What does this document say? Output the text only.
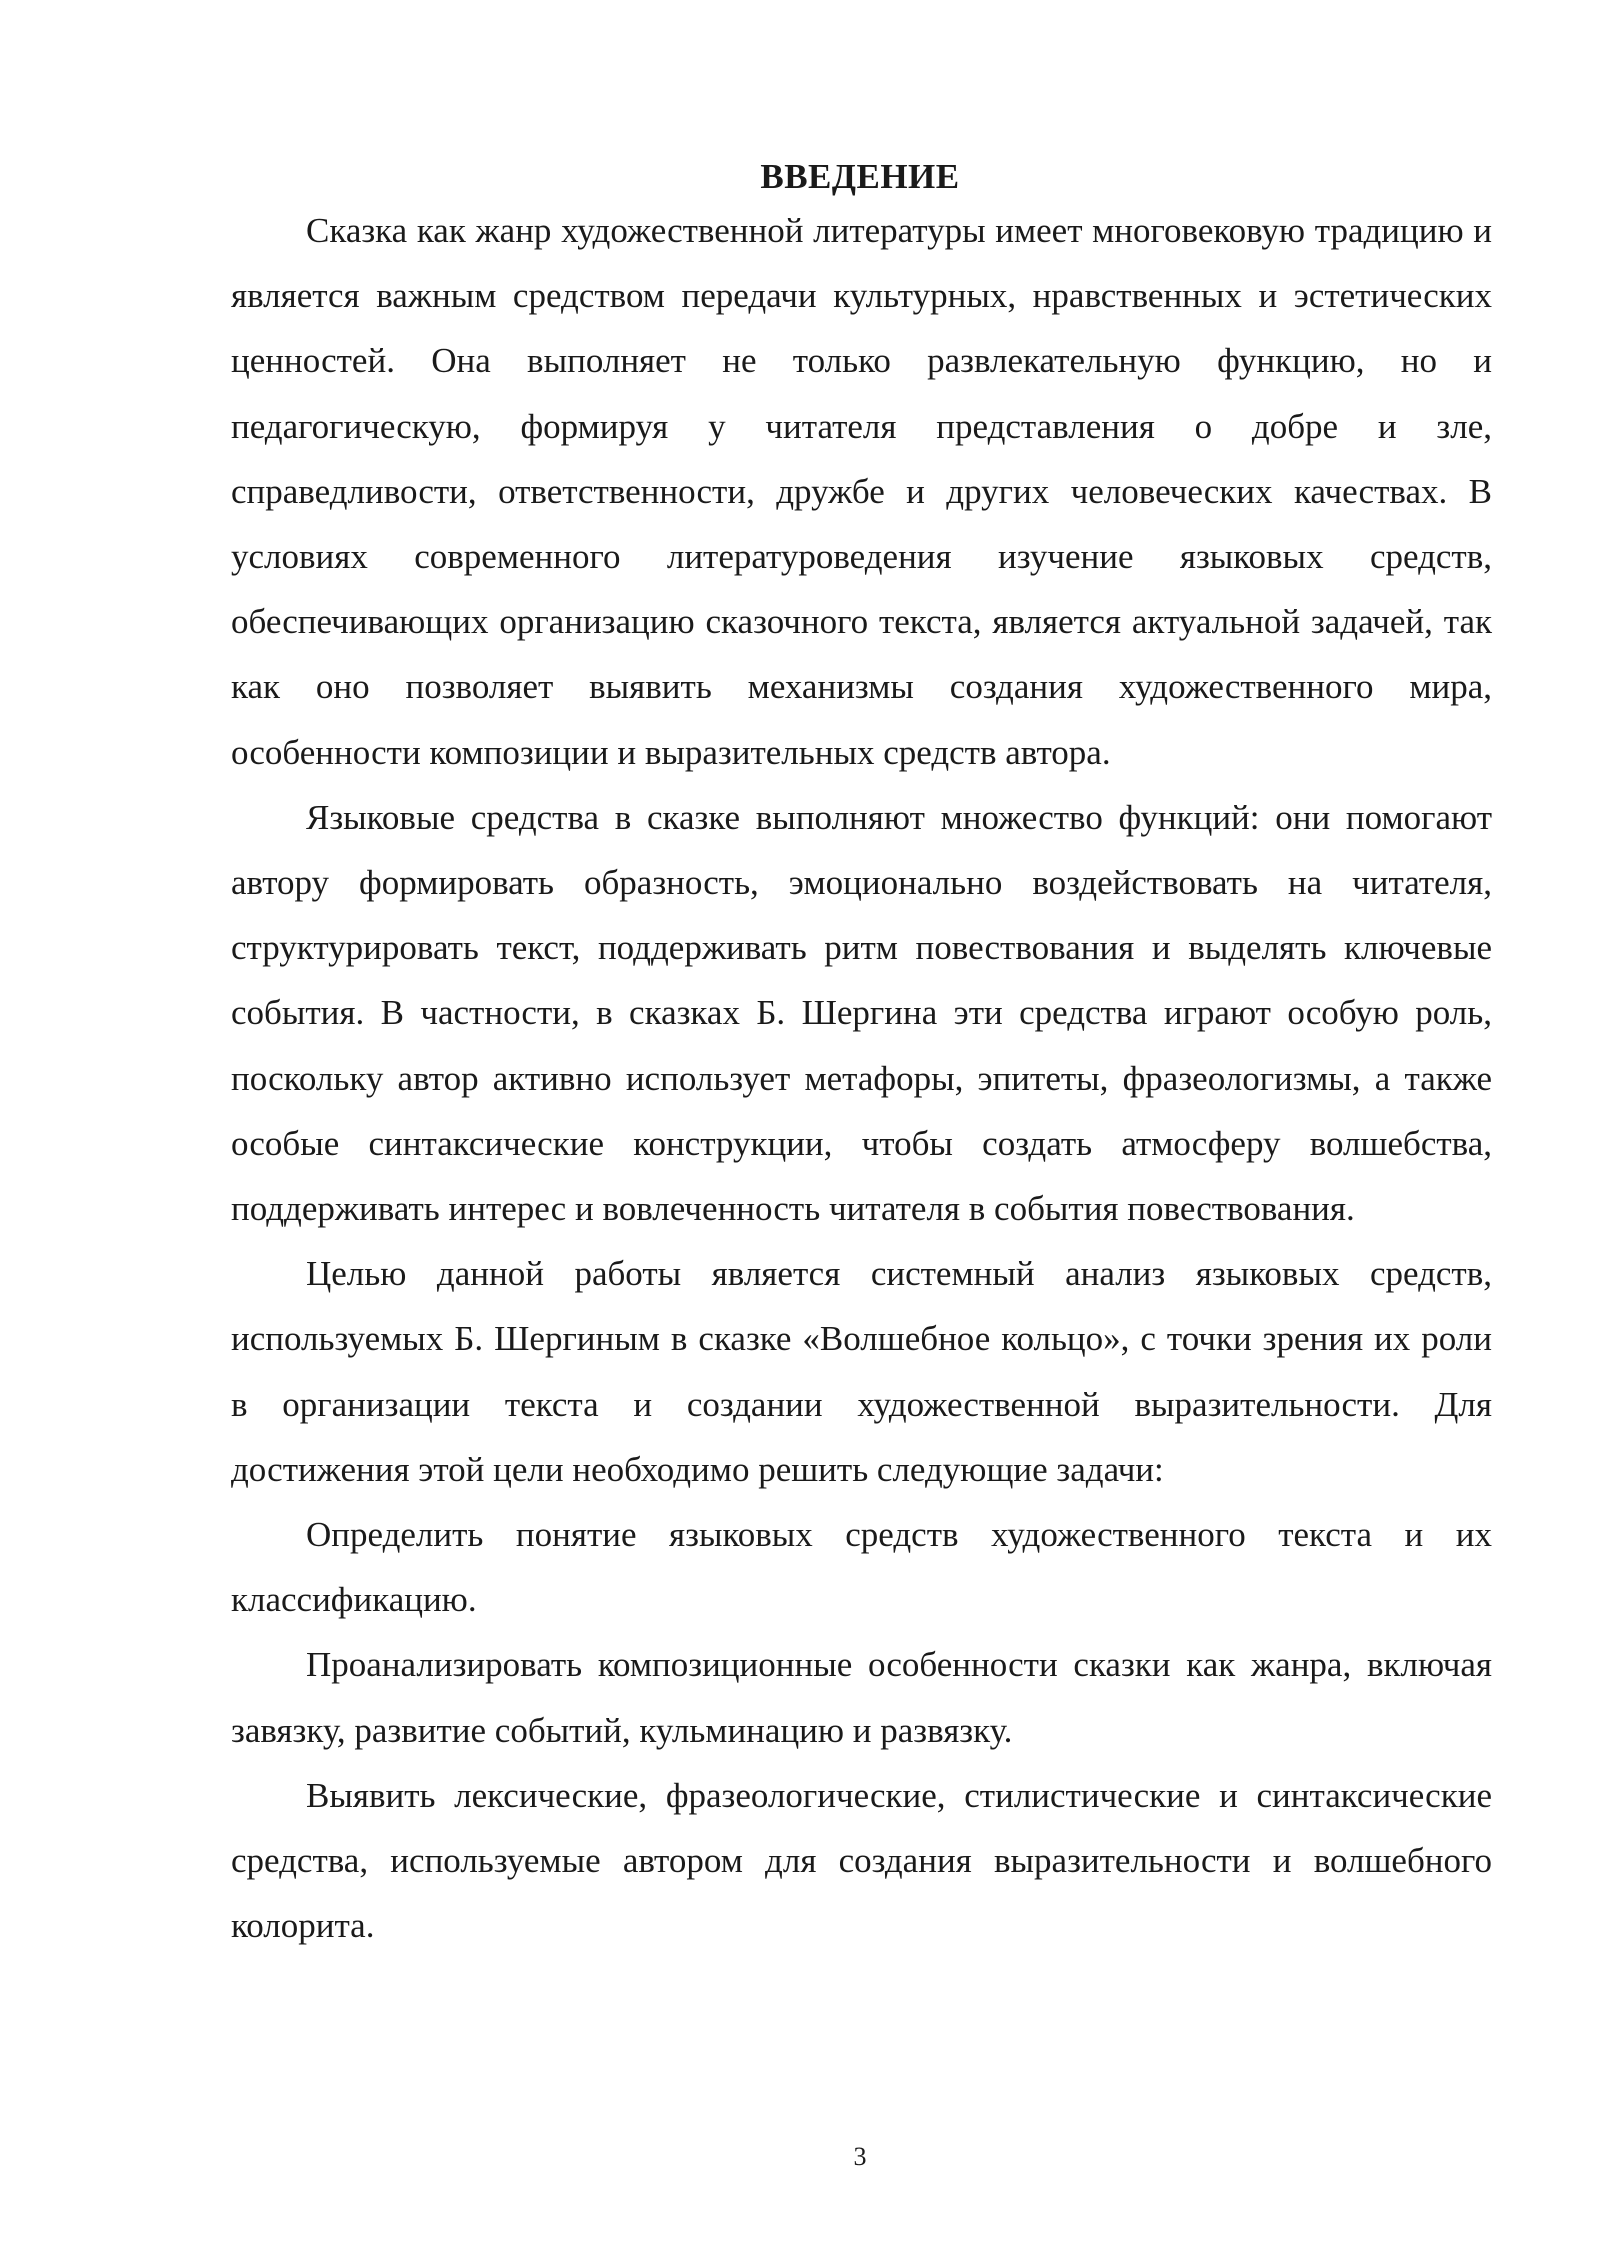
ВВЕДЕНИЕ

Сказка как жанр художественной литературы имеет многовековую традицию и является важным средством передачи культурных, нравственных и эстетических ценностей. Она выполняет не только развлекательную функцию, но и педагогическую, формируя у читателя представления о добре и зле, справедливости, ответственности, дружбе и других человеческих качествах. В условиях современного литературоведения изучение языковых средств, обеспечивающих организацию сказочного текста, является актуальной задачей, так как оно позволяет выявить механизмы создания художественного мира, особенности композиции и выразительных средств автора.

Языковые средства в сказке выполняют множество функций: они помогают автору формировать образность, эмоционально воздействовать на читателя, структурировать текст, поддерживать ритм повествования и выделять ключевые события. В частности, в сказках Б. Шергина эти средства играют особую роль, поскольку автор активно использует метафоры, эпитеты, фразеологизмы, а также особые синтаксические конструкции, чтобы создать атмосферу волшебства, поддерживать интерес и вовлеченность читателя в события повествования.

Целью данной работы является системный анализ языковых средств, используемых Б. Шергиным в сказке «Волшебное кольцо», с точки зрения их роли в организации текста и создании художественной выразительности. Для достижения этой цели необходимо решить следующие задачи:

Определить понятие языковых средств художественного текста и их классификацию.

Проанализировать композиционные особенности сказки как жанра, включая завязку, развитие событий, кульминацию и развязку.

Выявить лексические, фразеологические, стилистические и синтаксические средства, используемые автором для создания выразительности и волшебного колорита.

3
